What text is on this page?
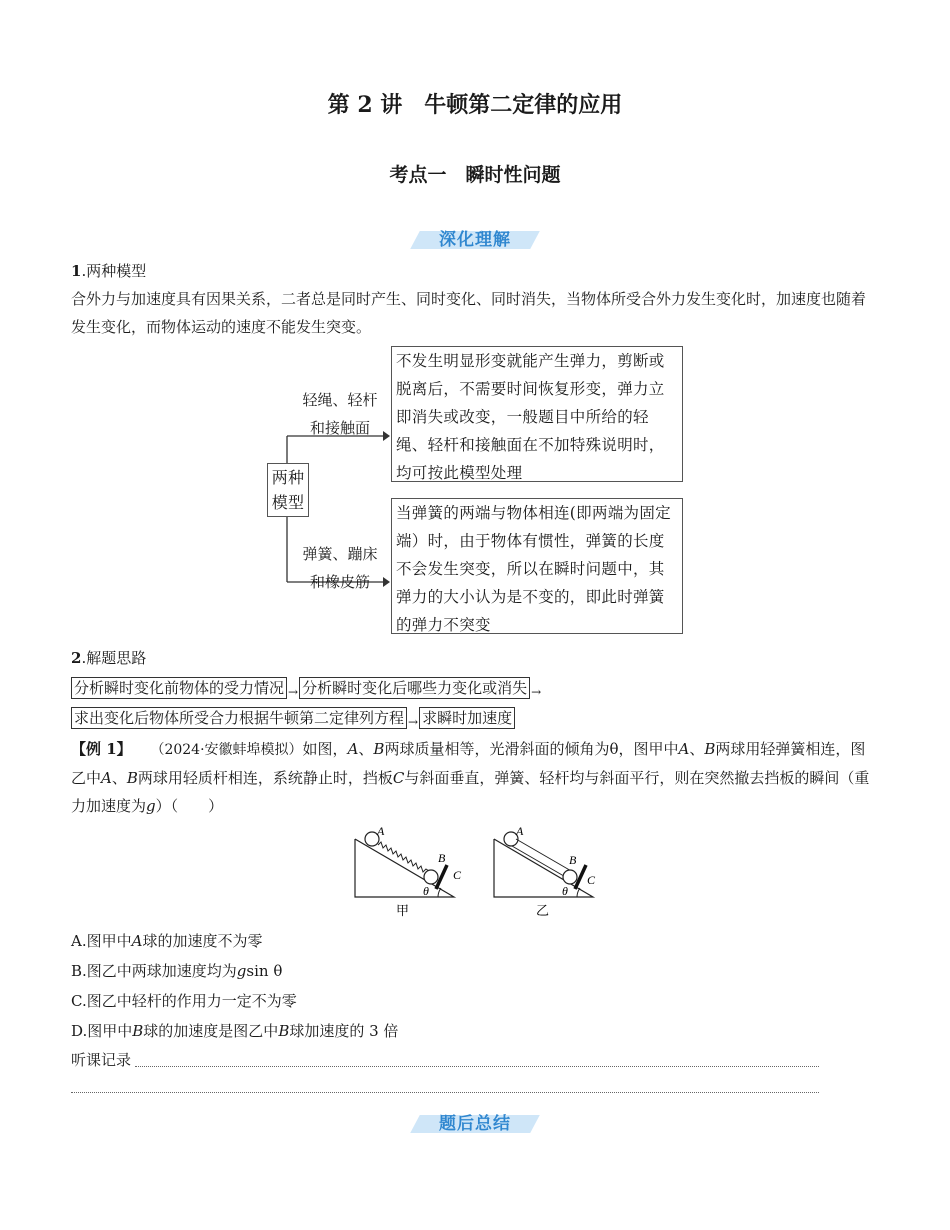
第 2 讲　牛顿第二定律的应用
考点一　瞬时性问题
深化理解
1.两种模型
合外力与加速度具有因果关系，二者总是同时产生、同时变化、同时消失，当物体所受合外力发生变化时，加速度也随着发生变化，而物体运动的速度不能发生突变。
两种
模型
轻绳、轻杆
和接触面
弹簧、蹦床
和橡皮筋
不发生明显形变就能产生弹力，剪断或脱离后，不需要时间恢复形变，弹力立即消失或改变，一般题目中所给的轻绳、轻杆和接触面在不加特殊说明时，均可按此模型处理
当弹簧的两端与物体相连(即两端为固定端）时，由于物体有惯性，弹簧的长度不会发生突变，所以在瞬时问题中，其弹力的大小认为是不变的，即此时弹簧的弹力不突变
2.解题思路
分析瞬时变化前物体的受力情况 → 分析瞬时变化后哪些力变化或消失 →
求出变化后物体所受合力根据牛顿第二定律列方程 → 求瞬时加速度
【例 1】 （2024·安徽蚌埠模拟）如图，A、B两球质量相等，光滑斜面的倾角为θ，图甲中A、B两球用轻弹簧相连，图乙中A、B两球用轻质杆相连，系统静止时，挡板C与斜面垂直，弹簧、轻杆均与斜面平行，则在突然撤去挡板的瞬间（重力加速度为g）（　　）
A
B
C
θ
甲
A
B
C
θ
乙
A.图甲中A球的加速度不为零
B.图乙中两球加速度均为gsin θ
C.图乙中轻杆的作用力一定不为零
D.图甲中B球的加速度是图乙中B球加速度的 3 倍
听课记录
题后总结
